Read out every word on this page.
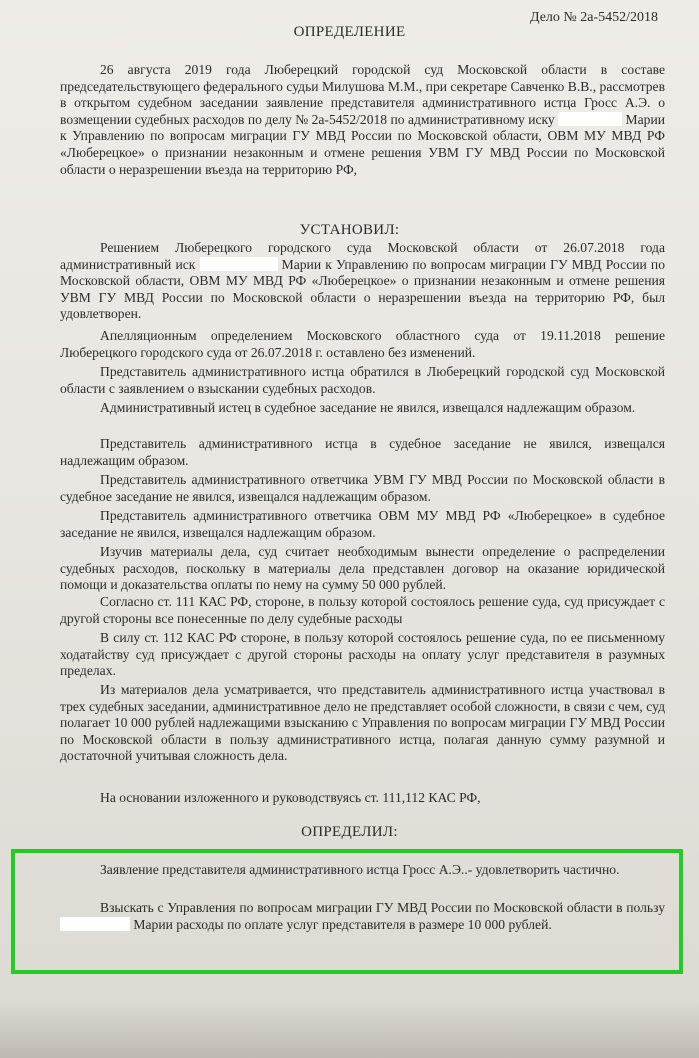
Дело № 2а-5452/2018
ОПРЕДЕЛЕНИЕ

26 августа 2019 года Люберецкий городской суд Московской области в составе председательствующего федерального судьи Милушова М.М., при секретаре Савченко В.В., рассмотрев в открытом судебном заседании заявление представителя административного истца Гросс А.Э. о возмещении судебных расходов по делу № 2а-5452/2018 по административному иску	Марии к Управлению по вопросам миграции ГУ МВД России по Московской области, ОВМ МУ МВД РФ «Люберецкое» о признании незаконным и отмене решения УВМ ГУ МВД России по Московской области о неразрешении въезда на территорию РФ,

УСТАНОВИЛ:

Решением Люберецкого городского суда Московской области от 26.07.2018 года административный иск	Марии к Управлению по вопросам миграции ГУ МВД России по Московской области, ОВМ МУ МВД РФ «Люберецкое» о признании незаконным и отмене решения УВМ ГУ МВД России по Московской области о неразрешении въезда на территорию РФ, был удовлетворен.

Апелляционным определением Московского областного суда от 19.11.2018 решение Люберецкого городского суда от 26.07.2018 г. оставлено без изменений.

Представитель административного истца обратился в Люберецкий городской суд Московской области с заявлением о взыскании судебных расходов.

Административный истец в судебное заседание не явился, извещался надлежащим образом.

Представитель административного истца в судебное заседание не явился, извещался надлежащим образом.

Представитель административного ответчика УВМ ГУ МВД России по Московской области в судебное заседание не явился, извещался надлежащим образом.

Представитель административного ответчика ОВМ МУ МВД РФ «Люберецкое» в судебное заседание не явился, извещался надлежащим образом.

Изучив материалы дела, суд считает необходимым вынести определение о распределении судебных расходов, поскольку в материалы дела представлен договор на оказание юридической помощи и доказательства оплаты по нему на сумму 50 000 рублей.

Согласно ст. 111 КАС РФ, стороне, в пользу которой состоялось решение суда, суд присуждает с другой стороны все понесенные по делу судебные расходы

В силу ст. 112 КАС РФ стороне, в пользу которой состоялось решение суда, по ее письменному ходатайству суд присуждает с другой стороны расходы на оплату услуг представителя в разумных пределах.

Из материалов дела усматривается, что представитель административного истца участвовал в трех судебных заседании, административное дело не представляет особой сложности, в связи с чем, суд полагает 10 000 рублей надлежащими взысканию с Управления по вопросам миграции ГУ МВД России по Московской области в пользу административного истца, полагая данную сумму разумной и достаточной учитывая сложность дела.

На основании изложенного и руководствуясь ст. 111,112 КАС РФ,

ОПРЕДЕЛИЛ:

Заявление представителя административного истца Гросс А.Э..- удовлетворить частично.

Взыскать с Управления по вопросам миграции ГУ МВД России по Московской области в пользу  Марии расходы по оплате услуг представителя в размере 10 000 рублей.
